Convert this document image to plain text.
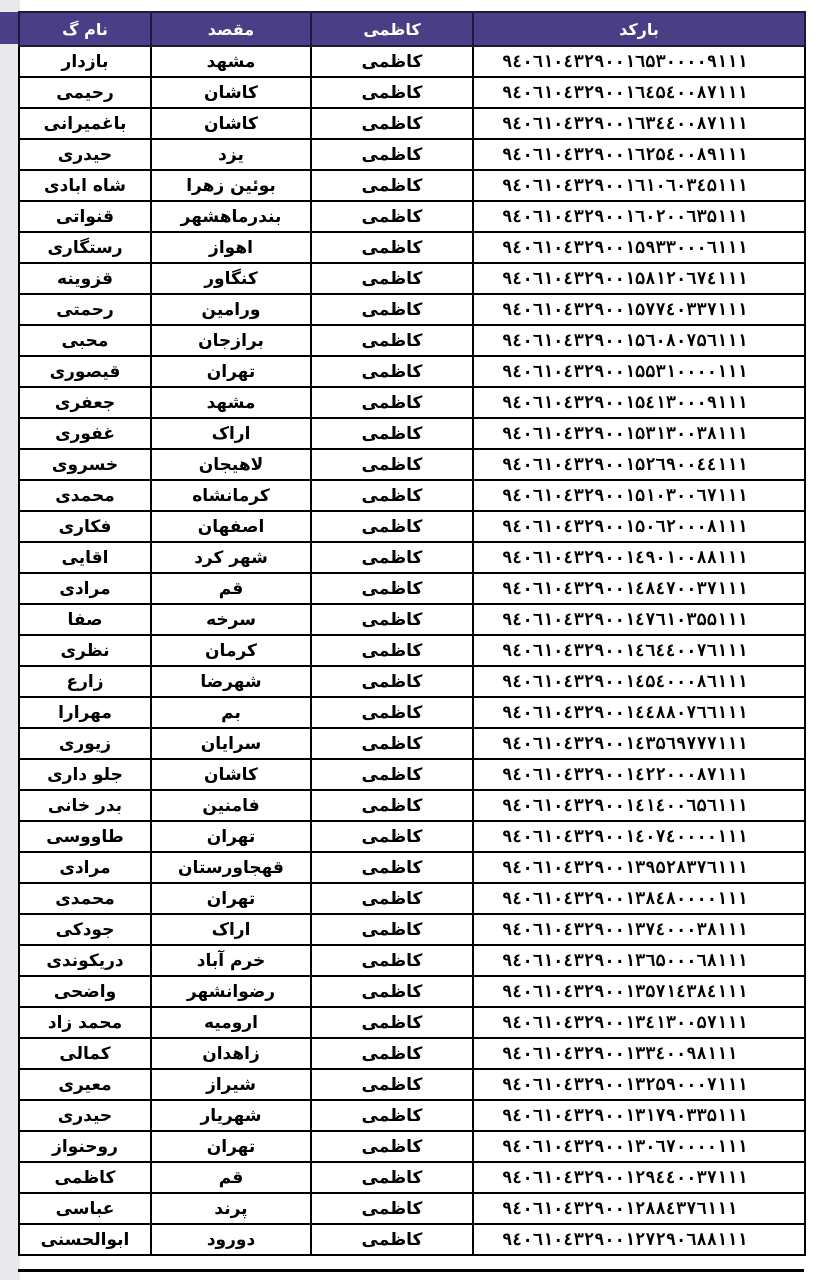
نام گ	مقصد	کاظمی	بارکد
بازدار	مشهد	کاظمی	۹٤۰٦۱۰٤۳۲۹۰۰۱٦۵۳۰۰۰۰۹۱۱۱
رحیمی	کاشان	کاظمی	۹٤۰٦۱۰٤۳۲۹۰۰۱٦٤۵٤۰۰۸۷۱۱۱
باغمیرانی	کاشان	کاظمی	۹٤۰٦۱۰٤۳۲۹۰۰۱٦۳٤٤۰۰۸۷۱۱۱
حیدری	یزد	کاظمی	۹٤۰٦۱۰٤۳۲۹۰۰۱٦۲۵٤۰۰۸۹۱۱۱
شاه ابادی	بوئین زهرا	کاظمی	۹٤۰٦۱۰٤۳۲۹۰۰۱٦۱۰٦۰۳٤۵۱۱۱
قنواتی	بندرماهشهر	کاظمی	۹٤۰٦۱۰٤۳۲۹۰۰۱٦۰۲۰۰٦۳۵۱۱۱
رستگاری	اهواز	کاظمی	۹٤۰٦۱۰٤۳۲۹۰۰۱۵۹۳۳۰۰۰٦۱۱۱
قزوینه	کنگاور	کاظمی	۹٤۰٦۱۰٤۳۲۹۰۰۱۵۸۱۲۰٦۷٤۱۱۱
رحمتی	ورامین	کاظمی	۹٤۰٦۱۰٤۳۲۹۰۰۱۵۷۷٤۰۳۳۷۱۱۱
محبی	برازجان	کاظمی	۹٤۰٦۱۰٤۳۲۹۰۰۱۵٦۰۸۰۷۵٦۱۱۱
قیصوری	تهران	کاظمی	۹٤۰٦۱۰٤۳۲۹۰۰۱۵۵۳۱۰۰۰۰۱۱۱
جعفری	مشهد	کاظمی	۹٤۰٦۱۰٤۳۲۹۰۰۱۵٤۱۳۰۰۰۹۱۱۱
غفوری	اراک	کاظمی	۹٤۰٦۱۰٤۳۲۹۰۰۱۵۳۱۳۰۰۳۸۱۱۱
خسروی	لاهیجان	کاظمی	۹٤۰٦۱۰٤۳۲۹۰۰۱۵۲٦۹۰۰٤٤۱۱۱
محمدی	کرمانشاه	کاظمی	۹٤۰٦۱۰٤۳۲۹۰۰۱۵۱۰۳۰۰٦۷۱۱۱
فکاری	اصفهان	کاظمی	۹٤۰٦۱۰٤۳۲۹۰۰۱۵۰٦۲۰۰۰۸۱۱۱
اقایی	شهر کرد	کاظمی	۹٤۰٦۱۰٤۳۲۹۰۰۱٤۹۰۱۰۰۸۸۱۱۱
مرادی	قم	کاظمی	۹٤۰٦۱۰٤۳۲۹۰۰۱٤۸٤۷۰۰۳۷۱۱۱
صفا	سرخه	کاظمی	۹٤۰٦۱۰٤۳۲۹۰۰۱٤۷٦۱۰۳۵۵۱۱۱
نظری	کرمان	کاظمی	۹٤۰٦۱۰٤۳۲۹۰۰۱٤٦٤٤۰۰۷٦۱۱۱
زارع	شهرضا	کاظمی	۹٤۰٦۱۰٤۳۲۹۰۰۱٤۵٤۰۰۰۸٦۱۱۱
مهرارا	بم	کاظمی	۹٤۰٦۱۰٤۳۲۹۰۰۱٤٤۸۸۰۷٦٦۱۱۱
زیوری	سرایان	کاظمی	۹٤۰٦۱۰٤۳۲۹۰۰۱٤۳۵٦۹۷۷۷۱۱۱
جلو داری	کاشان	کاظمی	۹٤۰٦۱۰٤۳۲۹۰۰۱٤۲۲۰۰۰۸۷۱۱۱
بدر خانی	فامنین	کاظمی	۹٤۰٦۱۰٤۳۲۹۰۰۱٤۱٤۰۰٦۵٦۱۱۱
طاووسی	تهران	کاظمی	۹٤۰٦۱۰٤۳۲۹۰۰۱٤۰۷٤۰۰۰۰۱۱۱
مرادی	قهجاورستان	کاظمی	۹٤۰٦۱۰٤۳۲۹۰۰۱۳۹۵۲۸۳۷٦۱۱۱
محمدی	تهران	کاظمی	۹٤۰٦۱۰٤۳۲۹۰۰۱۳۸٤۸۰۰۰۰۱۱۱
جودکی	اراک	کاظمی	۹٤۰٦۱۰٤۳۲۹۰۰۱۳۷٤۰۰۰۳۸۱۱۱
دریکوندی	خرم آباد	کاظمی	۹٤۰٦۱۰٤۳۲۹۰۰۱۳٦۵۰۰۰٦۸۱۱۱
واضحی	رضوانشهر	کاظمی	۹٤۰٦۱۰٤۳۲۹۰۰۱۳۵۷۱٤۳۸٤۱۱۱
محمد زاد	ارومیه	کاظمی	۹٤۰٦۱۰٤۳۲۹۰۰۱۳٤۱۳۰۰۵۷۱۱۱
کمالی	زاهدان	کاظمی	۹٤۰٦۱۰٤۳۲۹۰۰۱۳۳٤۰۰۹۸۱۱۱
معیری	شیراز	کاظمی	۹٤۰٦۱۰٤۳۲۹۰۰۱۳۲۵۹۰۰۰۷۱۱۱
حیدری	شهریار	کاظمی	۹٤۰٦۱۰٤۳۲۹۰۰۱۳۱۷۹۰۳۳۵۱۱۱
روحنواز	تهران	کاظمی	۹٤۰٦۱۰٤۳۲۹۰۰۱۳۰٦۷۰۰۰۰۱۱۱
کاظمی	قم	کاظمی	۹٤۰٦۱۰٤۳۲۹۰۰۱۲۹٤٤۰۰۳۷۱۱۱
عباسی	پرند	کاظمی	۹٤۰٦۱۰٤۳۲۹۰۰۱۲۸۸٤۳۷٦۱۱۱
ابوالحسنی	دورود	کاظمی	۹٤۰٦۱۰٤۳۲۹۰۰۱۲۷۲۹۰٦۸۸۱۱۱
